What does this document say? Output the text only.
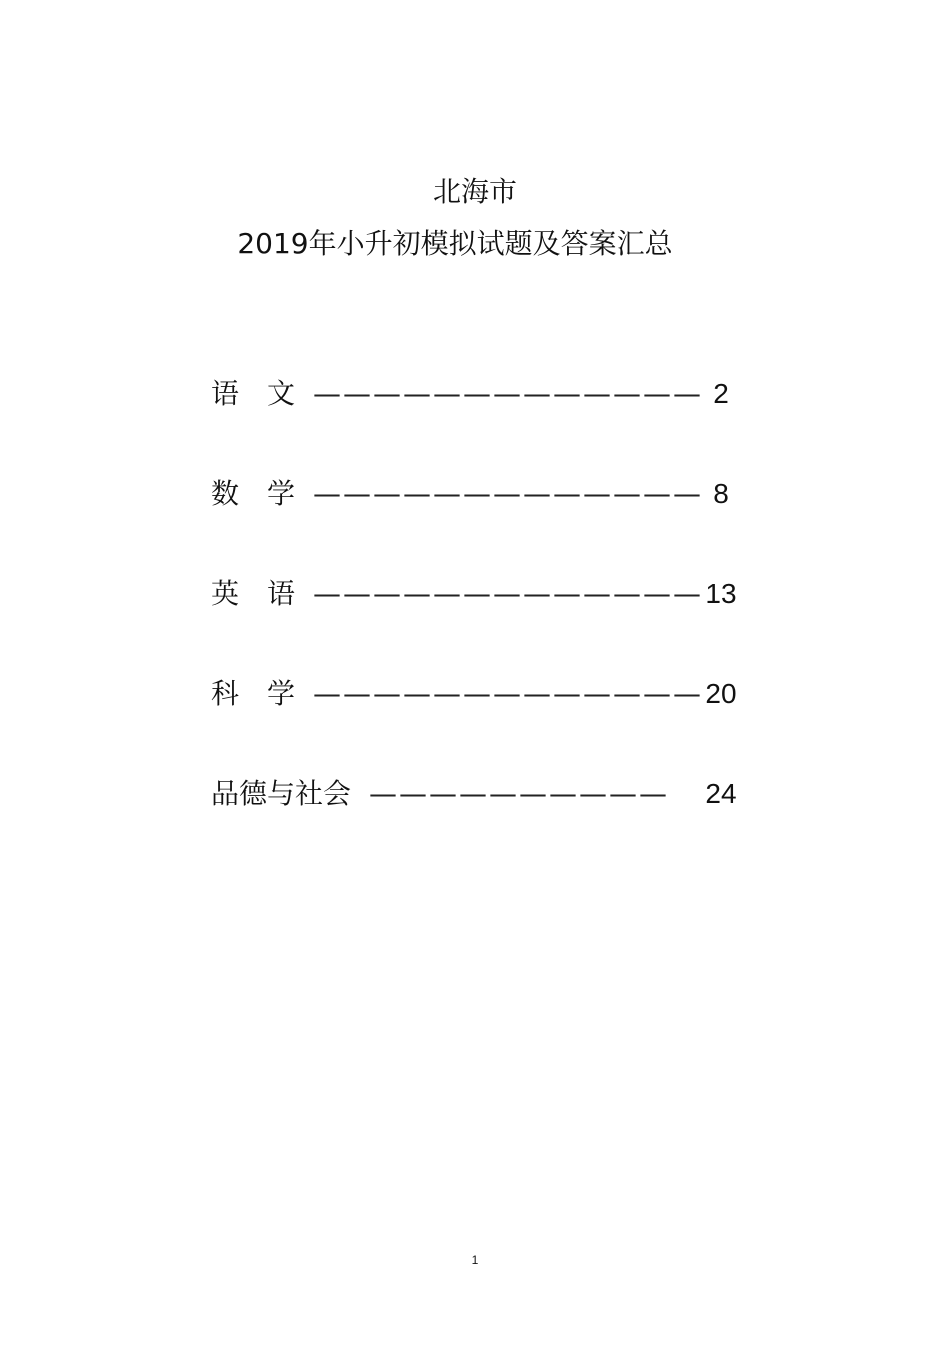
北海市
2019年小升初模拟试题及答案汇总
语　文 ————————————— 2
数　学 ————————————— 8
英　语 ————————————— 13
科　学 ————————————— 20
品德与社会 ——————————	24
1
